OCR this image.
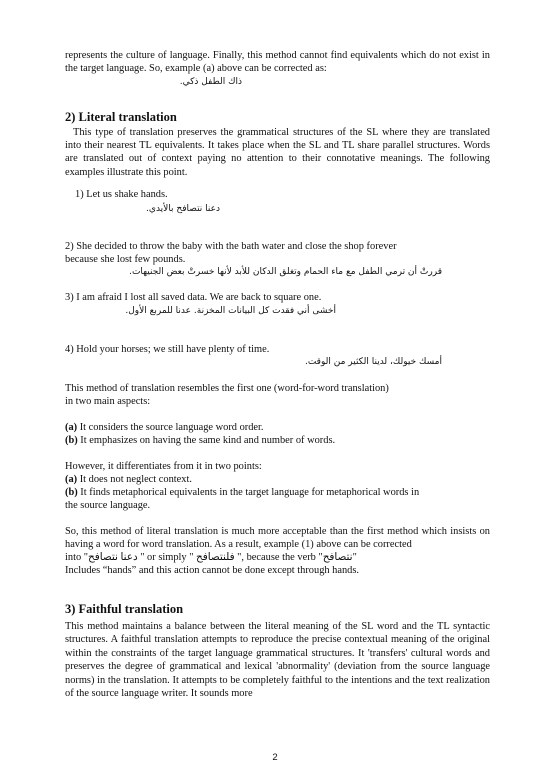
represents the culture of language. Finally, this method cannot find equivalents which do not exist in the target language. So, example (a) above can be corrected as:
ذاك الطفل ذكي.
2) Literal translation
This type of translation preserves the grammatical structures of the SL where they are translated into their nearest TL equivalents. It takes place when the SL and TL share parallel structures. Words are translated out of context paying no attention to their connotative meanings. The following examples illustrate this point.
1) Let us shake hands.
دعنا نتصافح بالأيدي.
2) She decided to throw the baby with the bath water and close the shop forever
because she lost few pounds.
قررتْ أن ترمي الطفل مع ماء الحمام وتغلق الدكان للأبد لأنها خسرتْ بعض الجنيهات.
3) I am afraid I lost all saved data. We are back to square one.
أخشى أني فقدت كل البيانات المخزنة. عدنا للمربع الأول.
4) Hold your horses; we still have plenty of time.
أمسك خيولك، لدينا الكثير من الوقت.
This method of translation resembles the first one (word-for-word translation)
in two main aspects:
(a) It considers the source language word order.
(b) It emphasizes on having the same kind and number of words.
However, it differentiates from it in two points:
(a) It does not neglect context.
(b) It finds metaphorical equivalents in the target language for metaphorical words in
the source language.
So, this method of literal translation is much more acceptable than the first method which insists on having a word for word translation. As a result, example (1) above can be corrected
into "دعنا نتصافح " or simply " فلنتصافح ", because the verb "نتصافح"
Includes “hands” and this action cannot be done except through hands.
3) Faithful translation
This method maintains a balance between the literal meaning of the SL word and the TL syntactic structures. A faithful translation attempts to reproduce the precise contextual meaning of the original within the constraints of the target language grammatical structures. It 'transfers' cultural words and preserves the degree of grammatical and lexical 'abnormality' (deviation from the source language norms) in the translation. It attempts to be completely faithful to the intentions and the text realization of the source language writer. It sounds more
2
